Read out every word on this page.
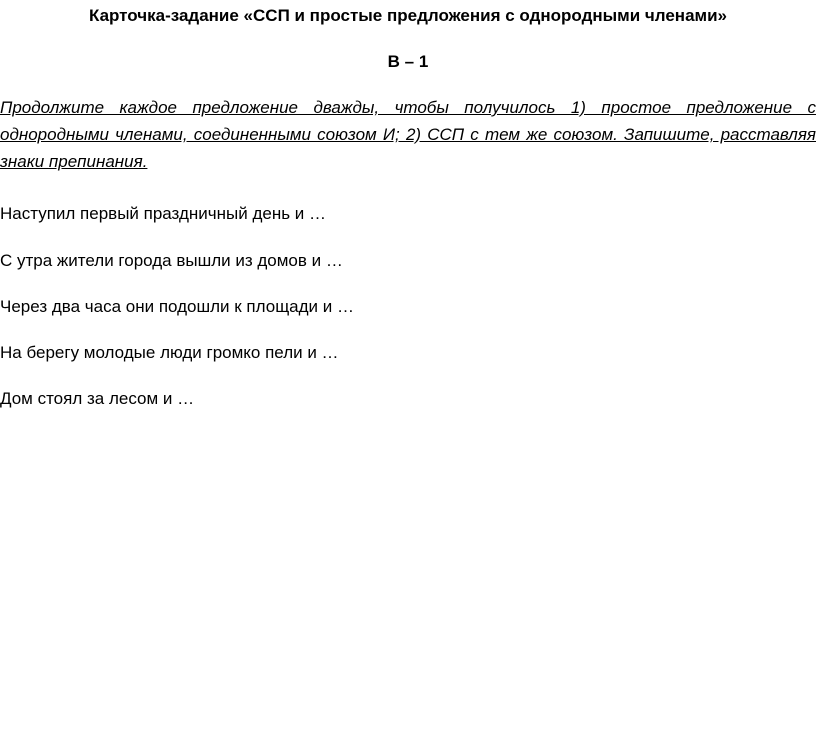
Карточка-задание «ССП и простые предложения с однородными членами»
В – 1
Продолжите каждое предложение дважды, чтобы получилось 1) простое предложение с однородными членами, соединенными союзом И; 2) ССП с тем же союзом. Запишите, расставляя знаки препинания.
Наступил первый праздничный день и …
С утра жители города вышли из домов и …
Через два часа они подошли к площади и …
На берегу молодые люди громко пели и …
Дом стоял за лесом и …
